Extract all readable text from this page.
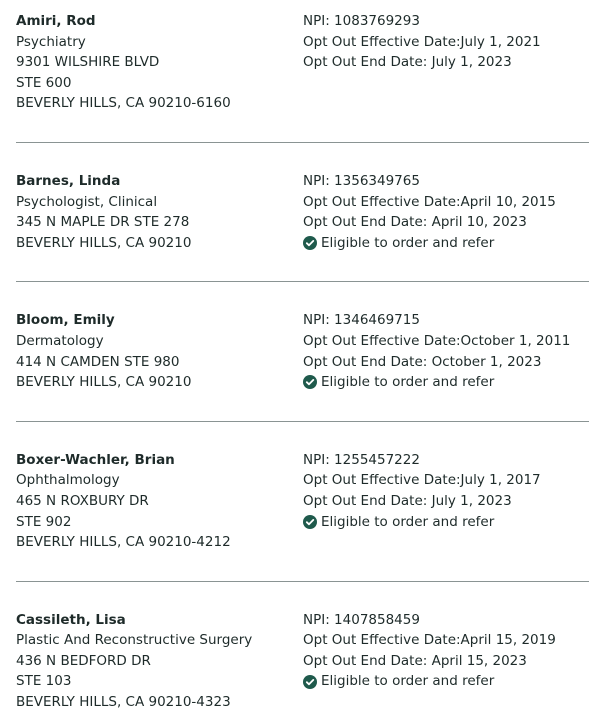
Amiri, Rod
Psychiatry
9301 WILSHIRE BLVD
STE 600
BEVERLY HILLS, CA 90210-6160
NPI: 1083769293
Opt Out Effective Date:July 1, 2021
Opt Out End Date: July 1, 2023
Barnes, Linda
Psychologist, Clinical
345 N MAPLE DR STE 278
BEVERLY HILLS, CA 90210
NPI: 1356349765
Opt Out Effective Date:April 10, 2015
Opt Out End Date: April 10, 2023
Eligible to order and refer
Bloom, Emily
Dermatology
414 N CAMDEN STE 980
BEVERLY HILLS, CA 90210
NPI: 1346469715
Opt Out Effective Date:October 1, 2011
Opt Out End Date: October 1, 2023
Eligible to order and refer
Boxer-Wachler, Brian
Ophthalmology
465 N ROXBURY DR
STE 902
BEVERLY HILLS, CA 90210-4212
NPI: 1255457222
Opt Out Effective Date:July 1, 2017
Opt Out End Date: July 1, 2023
Eligible to order and refer
Cassileth, Lisa
Plastic And Reconstructive Surgery
436 N BEDFORD DR
STE 103
BEVERLY HILLS, CA 90210-4323
NPI: 1407858459
Opt Out Effective Date:April 15, 2019
Opt Out End Date: April 15, 2023
Eligible to order and refer
